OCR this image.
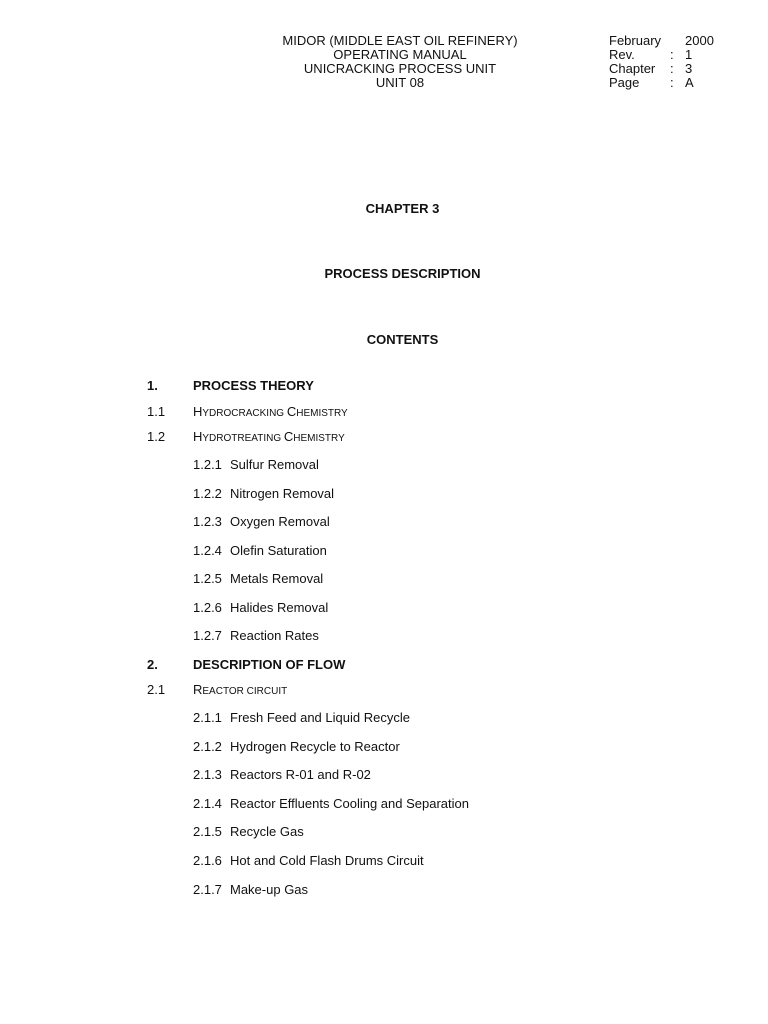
MIDOR (MIDDLE EAST OIL REFINERY)
OPERATING MANUAL
UNICRACKING PROCESS UNIT
UNIT 08
February 2000
Rev.	: 1
Chapter : 3
Page : A
CHAPTER 3
PROCESS DESCRIPTION
CONTENTS
1.	PROCESS THEORY
1.1 HYDROCRACKING CHEMISTRY
1.2 HYDROTREATING CHEMISTRY
1.2.1 Sulfur Removal
1.2.2 Nitrogen Removal
1.2.3 Oxygen Removal
1.2.4 Olefin Saturation
1.2.5 Metals Removal
1.2.6 Halides Removal
1.2.7 Reaction Rates
2.	DESCRIPTION OF FLOW
2.1 REACTOR CIRCUIT
2.1.1 Fresh Feed and Liquid Recycle
2.1.2 Hydrogen Recycle to Reactor
2.1.3 Reactors R-01 and R-02
2.1.4 Reactor Effluents Cooling and Separation
2.1.5 Recycle Gas
2.1.6 Hot and Cold Flash Drums Circuit
2.1.7 Make-up Gas
